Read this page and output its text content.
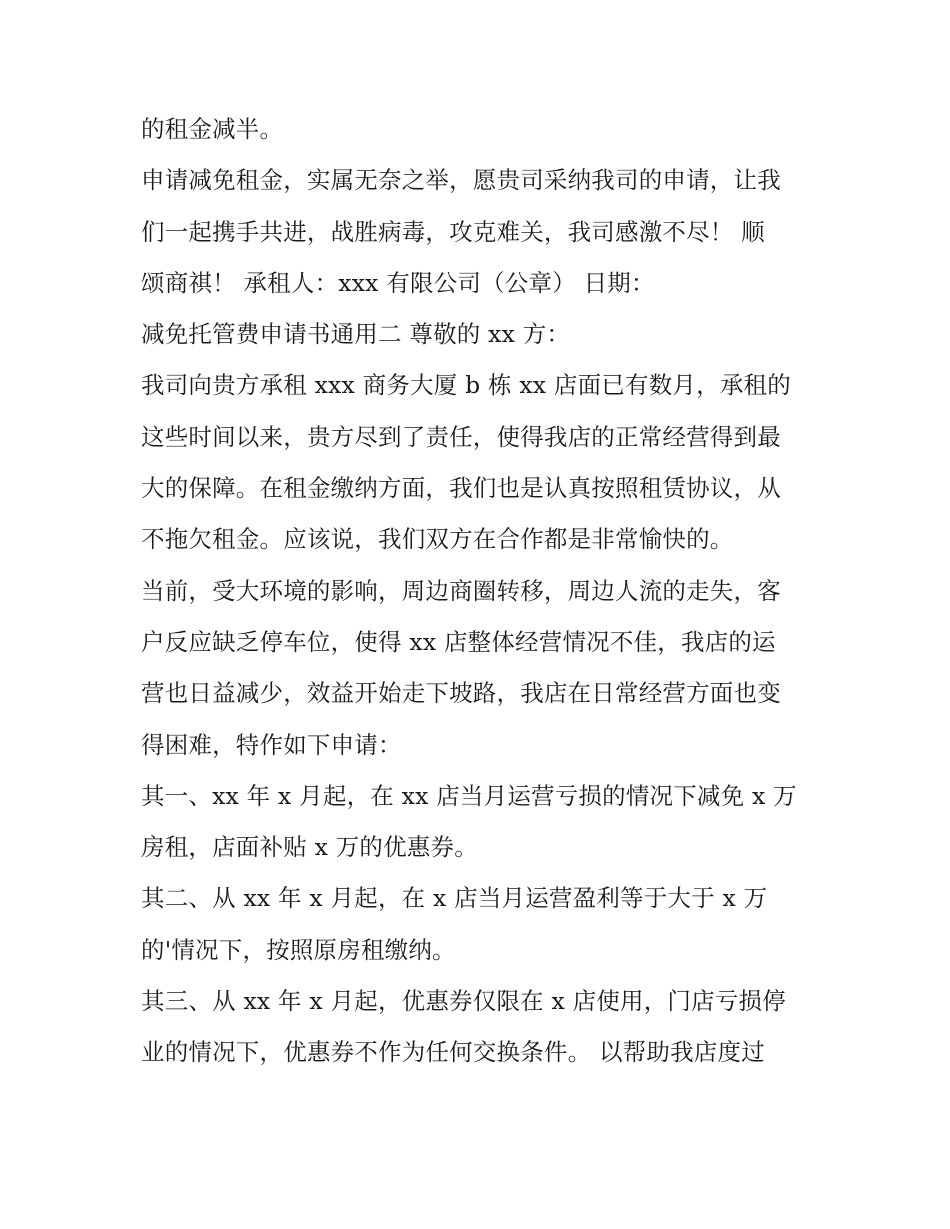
的租金减半。
申请减免租金，实属无奈之举，愿贵司采纳我司的申请，让我
们一起携手共进，战胜病毒，攻克难关，我司感激不尽！ 顺
颂商祺！ 承租人：xxx 有限公司（公章） 日期：
减免托管费申请书通用二 尊敬的 xx 方：
我司向贵方承租 xxx 商务大厦 b 栋 xx 店面已有数月，承租的
这些时间以来，贵方尽到了责任，使得我店的正常经营得到最
大的保障。在租金缴纳方面，我们也是认真按照租赁协议，从
不拖欠租金。应该说，我们双方在合作都是非常愉快的。
当前，受大环境的影响，周边商圈转移，周边人流的走失，客
户反应缺乏停车位，使得 xx 店整体经营情况不佳，我店的运
营也日益减少，效益开始走下坡路，我店在日常经营方面也变
得困难，特作如下申请：
其一、xx 年 x 月起，在 xx 店当月运营亏损的情况下减免 x 万
房租，店面补贴 x 万的优惠券。
其二、从 xx 年 x 月起，在 x 店当月运营盈利等于大于 x 万
的'情况下，按照原房租缴纳。
其三、从 xx 年 x 月起，优惠券仅限在 x 店使用，门店亏损停
业的情况下，优惠券不作为任何交换条件。 以帮助我店度过
